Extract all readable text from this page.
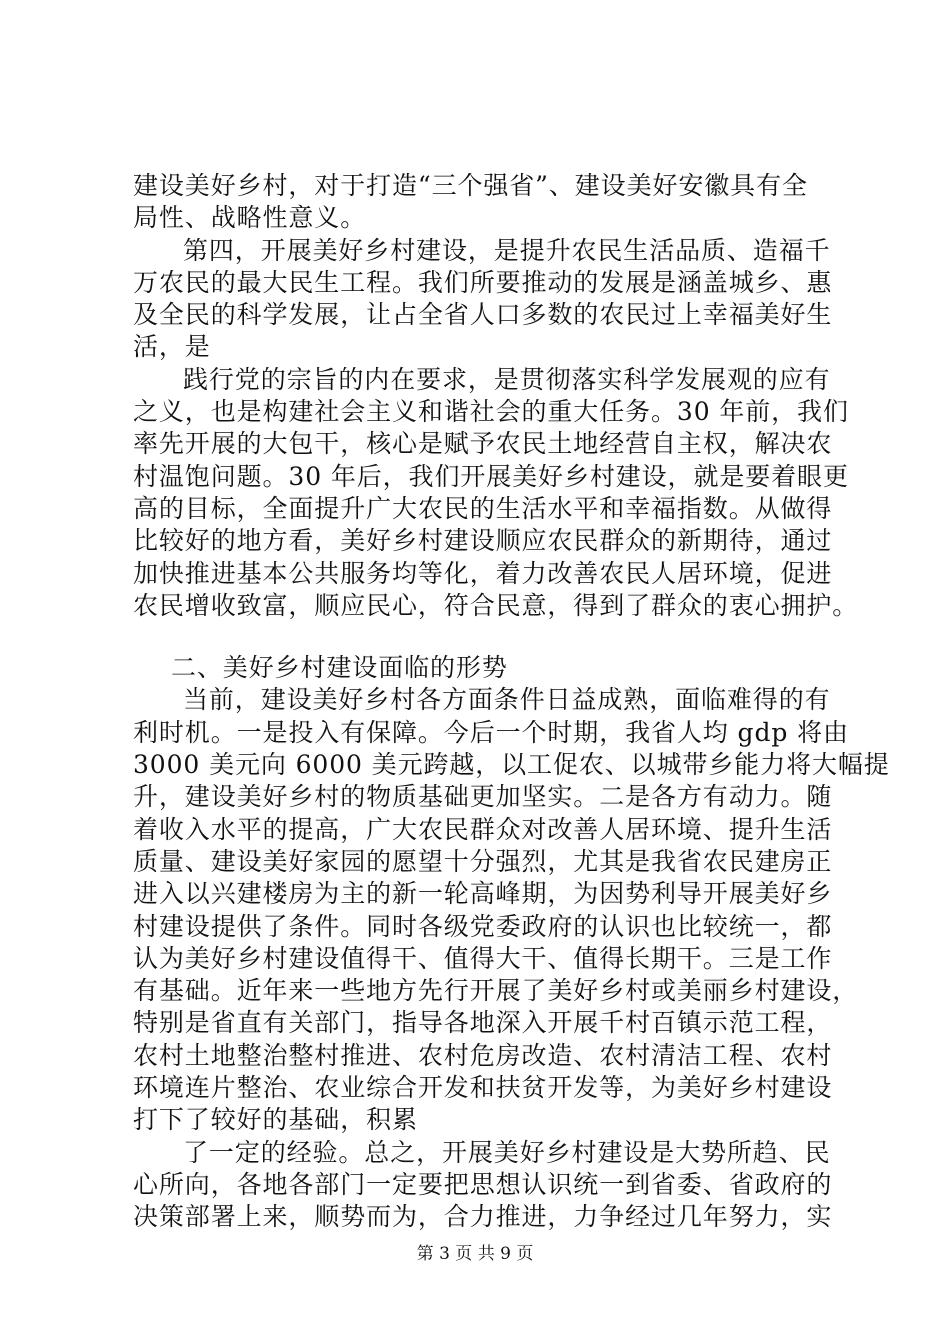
建设美好乡村，对于打造“三个强省”、建设美好安徽具有全
局性、战略性意义。
第四，开展美好乡村建设，是提升农民生活品质、造福千
万农民的最大民生工程。我们所要推动的发展是涵盖城乡、惠
及全民的科学发展，让占全省人口多数的农民过上幸福美好生
活，是
践行党的宗旨的内在要求，是贯彻落实科学发展观的应有
之义，也是构建社会主义和谐社会的重大任务。30 年前，我们
率先开展的大包干，核心是赋予农民土地经营自主权，解决农
村温饱问题。30 年后，我们开展美好乡村建设，就是要着眼更
高的目标，全面提升广大农民的生活水平和幸福指数。从做得
比较好的地方看，美好乡村建设顺应农民群众的新期待，通过
加快推进基本公共服务均等化，着力改善农民人居环境，促进
农民增收致富，顺应民心，符合民意，得到了群众的衷心拥护。
二、美好乡村建设面临的形势
当前，建设美好乡村各方面条件日益成熟，面临难得的有
利时机。一是投入有保障。今后一个时期，我省人均 gdp 将由
3000 美元向 6000 美元跨越，以工促农、以城带乡能力将大幅提
升，建设美好乡村的物质基础更加坚实。二是各方有动力。随
着收入水平的提高，广大农民群众对改善人居环境、提升生活
质量、建设美好家园的愿望十分强烈，尤其是我省农民建房正
进入以兴建楼房为主的新一轮高峰期，为因势利导开展美好乡
村建设提供了条件。同时各级党委政府的认识也比较统一，都
认为美好乡村建设值得干、值得大干、值得长期干。三是工作
有基础。近年来一些地方先行开展了美好乡村或美丽乡村建设，
特别是省直有关部门，指导各地深入开展千村百镇示范工程，
农村土地整治整村推进、农村危房改造、农村清洁工程、农村
环境连片整治、农业综合开发和扶贫开发等，为美好乡村建设
打下了较好的基础，积累
了一定的经验。总之，开展美好乡村建设是大势所趋、民
心所向，各地各部门一定要把思想认识统一到省委、省政府的
决策部署上来，顺势而为，合力推进，力争经过几年努力，实
第 3 页 共 9 页
